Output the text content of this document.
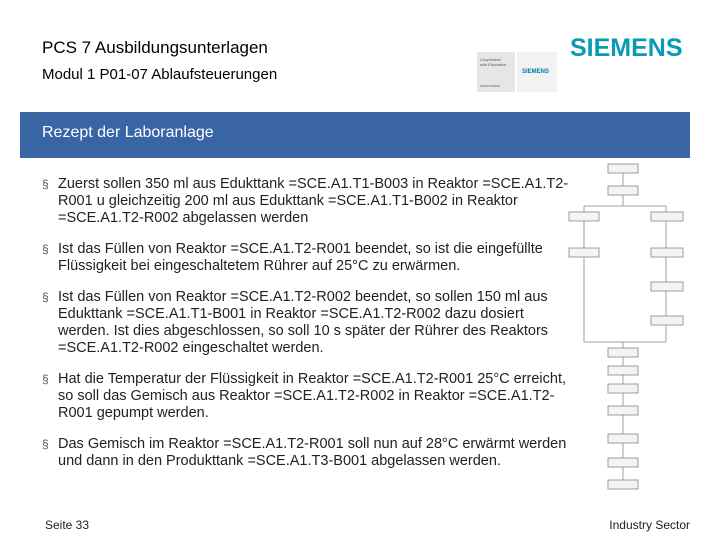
PCS 7 Ausbildungsunterlagen
Modul 1 P01-07 Ablaufsteuerungen
Cooperates
with Education
Automation
SIEMENS
SIEMENS
Rezept der Laboranlage
§ Zuerst sollen 350 ml aus Edukttank =SCE.A1.T1-B003 in Reaktor =SCE.A1.T2-R001 u gleichzeitig 200 ml aus Edukttank =SCE.A1.T1-B002 in Reaktor =SCE.A1.T2-R002 abgelassen werden
§ Ist das Füllen von Reaktor =SCE.A1.T2-R001 beendet, so ist die eingefüllte Flüssigkeit bei eingeschaltetem Rührer auf 25°C zu erwärmen.
§ Ist das Füllen von Reaktor =SCE.A1.T2-R002 beendet, so sollen 150 ml aus Edukttank =SCE.A1.T1-B001 in Reaktor =SCE.A1.T2-R002 dazu dosiert werden. Ist dies abgeschlossen, so soll 10 s später der Rührer des Reaktors =SCE.A1.T2-R002 eingeschaltet werden.
§ Hat die Temperatur der Flüssigkeit in Reaktor =SCE.A1.T2-R001 25°C erreicht, so soll das Gemisch aus Reaktor =SCE.A1.T2-R002 in Reaktor =SCE.A1.T2-R001 gepumpt werden.
§ Das Gemisch im Reaktor =SCE.A1.T2-R001 soll nun auf 28°C erwärmt werden und dann in den Produkttank =SCE.A1.T3-B001 abgelassen werden.
© Siemens AG 2011. Alle Rechte vorbehalten.
Seite 33	Industry Sector
